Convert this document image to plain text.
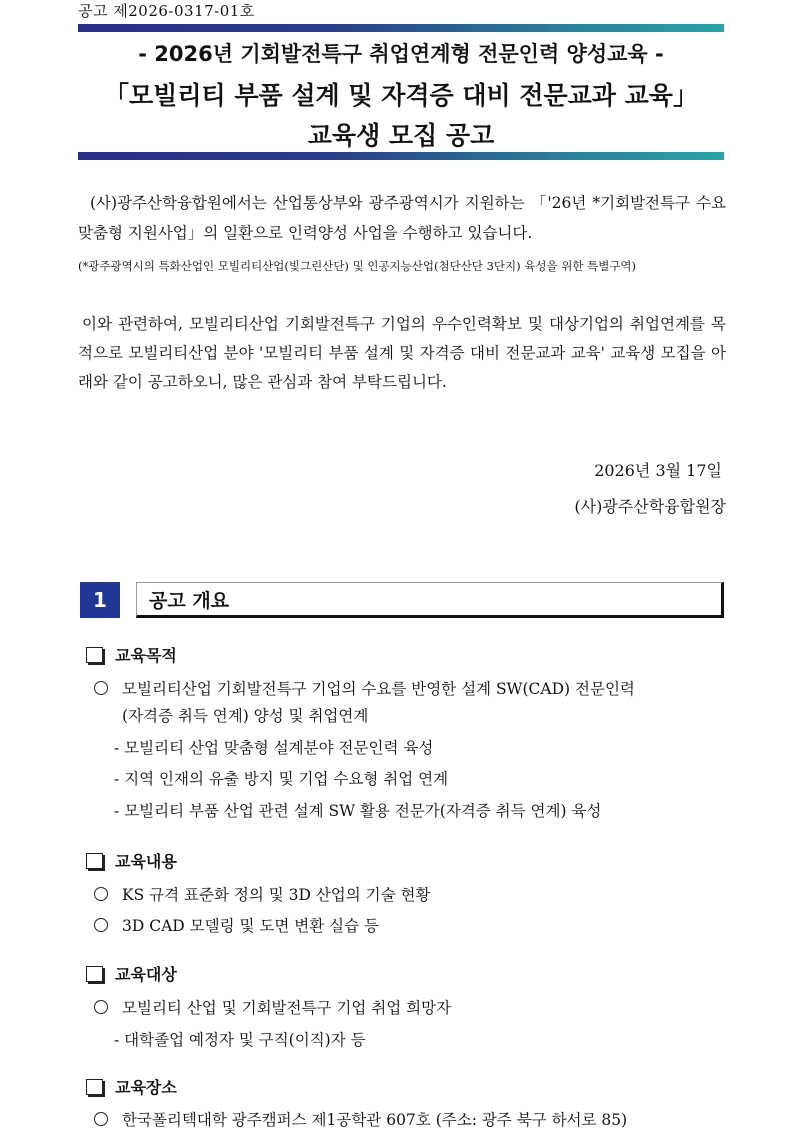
공고 제2026-0317-01호
- 2026년 기회발전특구 취업연계형 전문인력 양성교육 -
「모빌리티 부품 설계 및 자격증 대비 전문교과 교육」
교육생 모집 공고
(사)광주산학융합원에서는 산업통상부와 광주광역시가 지원하는 「'26년 *기회발전특구 수요맞춤형 지원사업」의 일환으로 인력양성 사업을 수행하고 있습니다.
(*광주광역시의 특화산업인 모빌리티산업(빛그린산단) 및 인공지능산업(첨단산단 3단지) 육성을 위한 특별구역)
이와 관련하여, 모빌리티산업 기회발전특구 기업의 우수인력확보 및 대상기업의 취업연계를 목적으로 모빌리티산업 분야 '모빌리티 부품 설계 및 자격증 대비 전문교과 교육' 교육생 모집을 아래와 같이 공고하오니, 많은 관심과 참여 부탁드립니다.
2026년 3월 17일
(사)광주산학융합원장
1	공고 개요
교육목적
모빌리티산업 기회발전특구 기업의 수요를 반영한 설계 SW(CAD) 전문인력
(자격증 취득 연계) 양성 및 취업연계
- 모빌리티 산업 맞춤형 설계분야 전문인력 육성
- 지역 인재의 유출 방지 및 기업 수요형 취업 연계
- 모빌리티 부품 산업 관련 설계 SW 활용 전문가(자격증 취득 연계) 육성
교육내용
KS 규격 표준화 정의 및 3D 산업의 기술 현황
3D CAD 모델링 및 도면 변환 실습 등
교육대상
모빌리티 산업 및 기회발전특구 기업 취업 희망자
- 대학졸업 예정자 및 구직(이직)자 등
교육장소
한국폴리텍대학 광주캠퍼스 제1공학관 607호 (주소: 광주 북구 하서로 85)
